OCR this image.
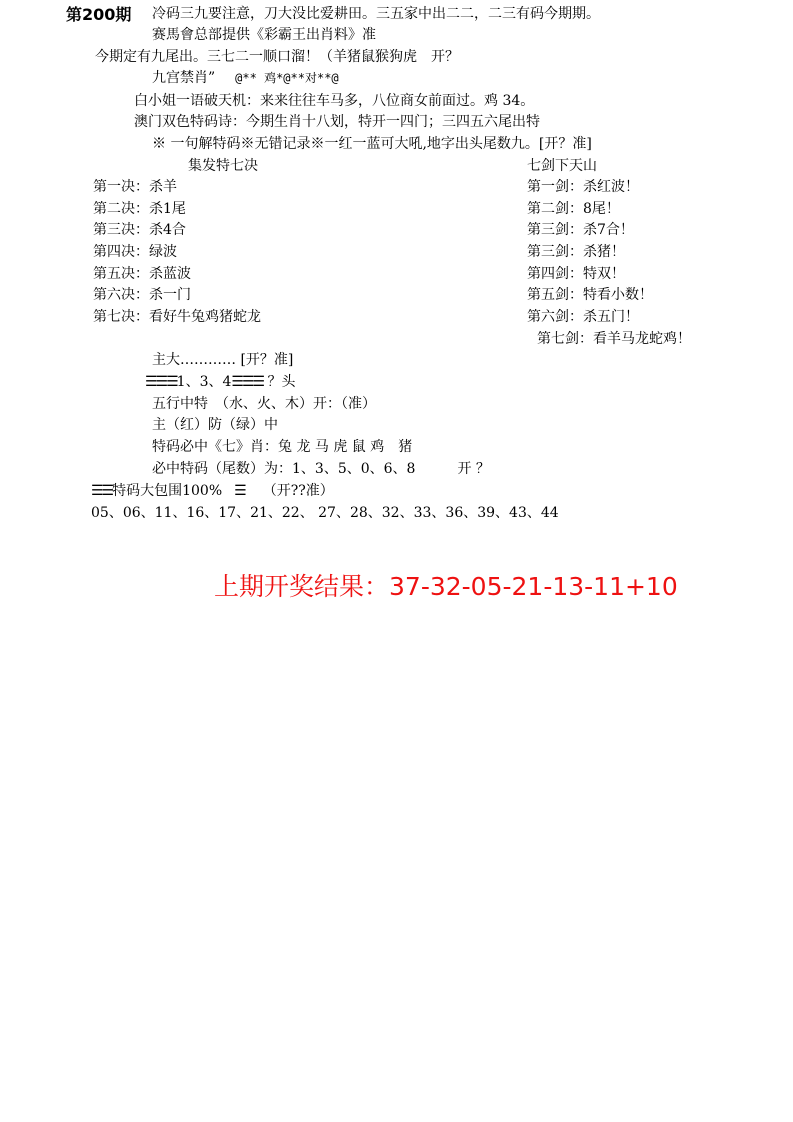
第200期 冷码三九要注意，刀大没比爱耕田。三五家中出二二，二三有码今期期。
赛馬會总部提供《彩霸王出肖料》准
今期定有九尾出。三七二一顺口溜！（羊猪鼠猴狗虎　开？
九宫禁肖” @** 鸡*@**对**@
白小姐一语破天机：来来往往车马多，八位商女前面过。鸡 34。
澳门双色特码诗：今期生肖十八划，特开一四门；三四五六尾出特
※ 一句解特码※无错记录※一红一蓝可大吼,地字出头尾数九。[开？准]
集发特七决	七剑下天山
第一决：杀羊
第二决：杀1尾
第三决：杀4合
第四决：绿波
第五决：杀蓝波
第六决：杀一门
第七决：看好牛兔鸡猪蛇龙
第一剑：杀红波！
第二剑：8尾！
第三剑：杀7合！
第三剑：杀猪！
第四剑：特双！
第五剑：特看小数！
第六剑：杀五门！
第七剑：看羊马龙蛇鸡！
主大………… [开？准]
☰☰☰1、3、4☰☰☰ ？头
五行中特　（水、火、木）开：（准）
主（红）防（绿）中
特码必中《七》肖：兔 龙 马 虎 鼠 鸡　猪
必中特码（尾数）为：1、3、5、0、6、8　　　开 ？
☰☰特码大包围100% ☰ （开??准）
05、06、11、16、17、21、22、 27、28、32、33、36、39、43、44
上期开奖结果：37-32-05-21-13-11+10
